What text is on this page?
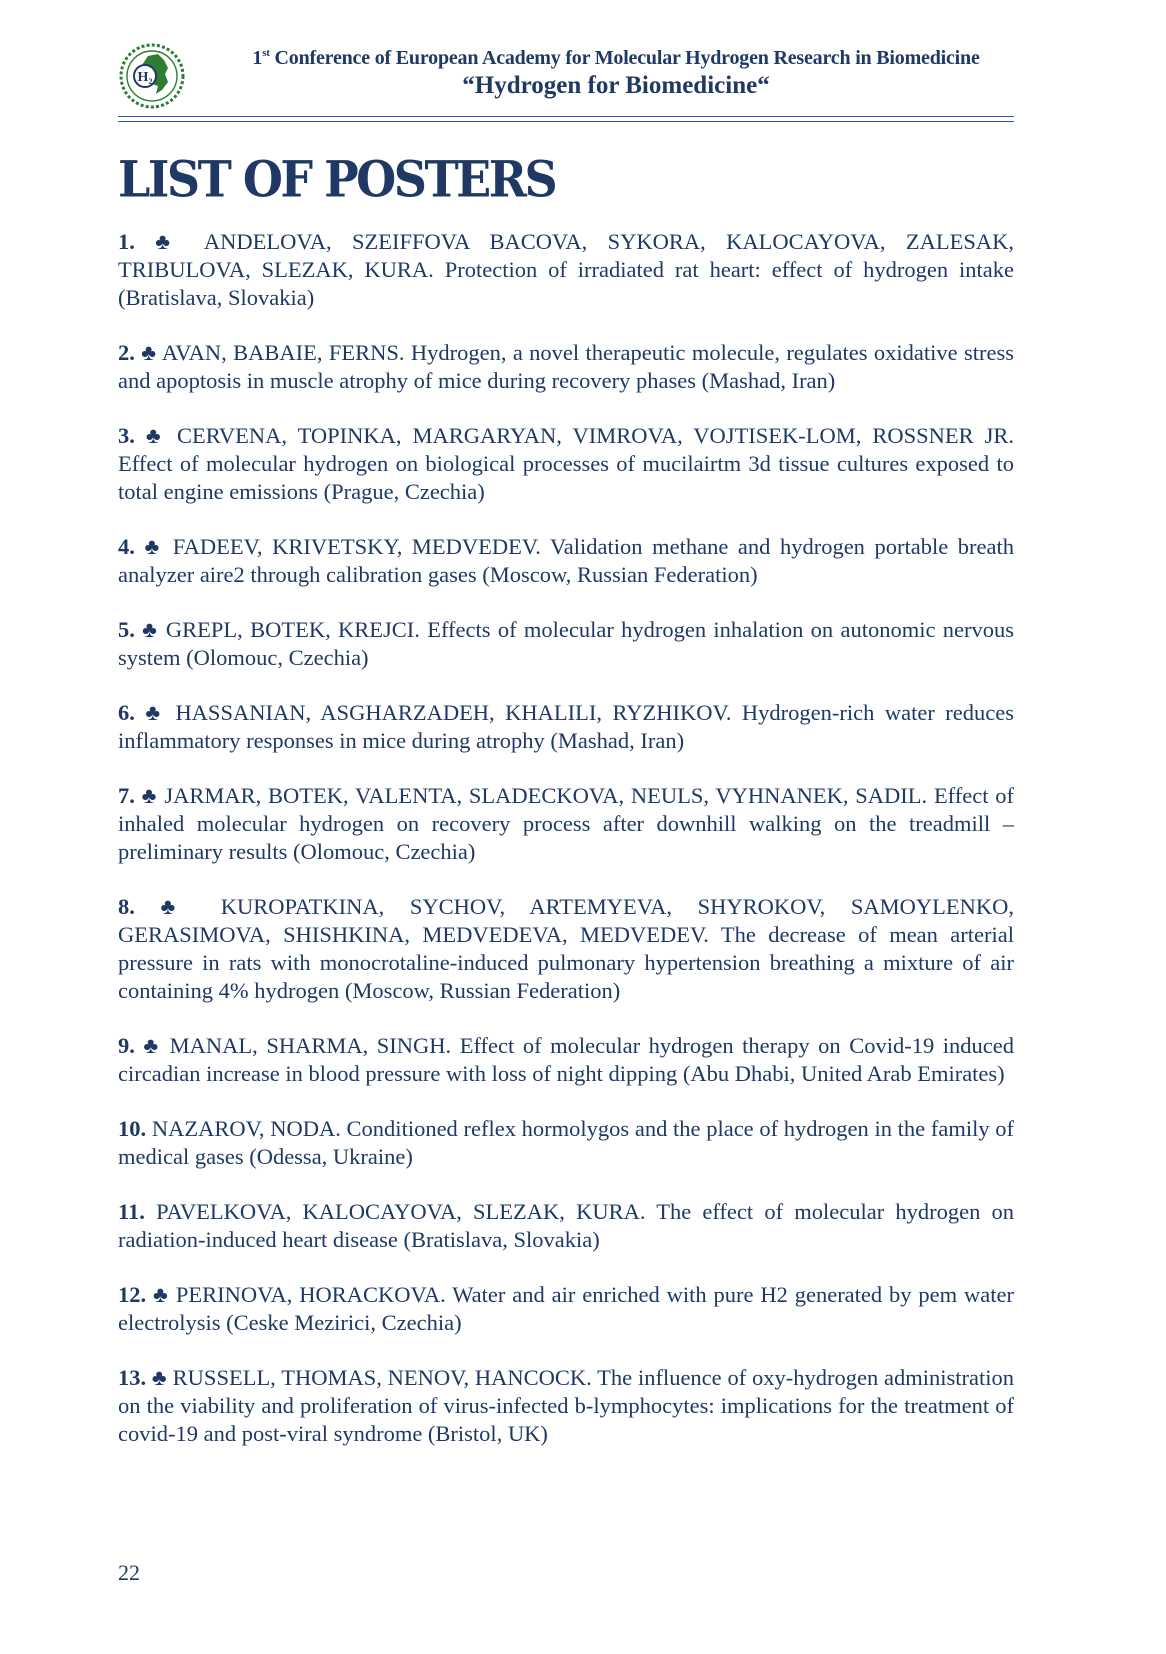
$H_2$
1st Conference of European Academy for Molecular Hydrogen Research in Biomedicine
“Hydrogen for Biomedicine“
LIST OF POSTERS

1. ♣ ANDELOVA, SZEIFFOVA BACOVA, SYKORA, KALOCAYOVA, ZALESAK, TRIBULOVA, SLEZAK, KURA. Protection of irradiated rat heart: effect of hydrogen intake (Bratislava, Slovakia)

2. ♣ AVAN, BABAIE, FERNS. Hydrogen, a novel therapeutic molecule, regulates oxidative stress and apoptosis in muscle atrophy of mice during recovery phases (Mashad, Iran)

3. ♣ CERVENA, TOPINKA, MARGARYAN, VIMROVA, VOJTISEK-LOM, ROSSNER JR. Effect of molecular hydrogen on biological processes of mucilairtm 3d tissue cultures exposed to total engine emissions (Prague, Czechia)

4. ♣ FADEEV, KRIVETSKY, MEDVEDEV. Validation methane and hydrogen portable breath analyzer aire2 through calibration gases (Moscow, Russian Federation)

5. ♣ GREPL, BOTEK, KREJCI. Effects of molecular hydrogen inhalation on autonomic nervous system (Olomouc, Czechia)

6. ♣ HASSANIAN, ASGHARZADEH, KHALILI, RYZHIKOV. Hydrogen-rich water reduces inflammatory responses in mice during atrophy (Mashad, Iran)

7. ♣ JARMAR, BOTEK, VALENTA, SLADECKOVA, NEULS, VYHNANEK, SADIL. Effect of inhaled molecular hydrogen on recovery process after downhill walking on the treadmill – preliminary results (Olomouc, Czechia)

8. ♣ KUROPATKINA, SYCHOV, ARTEMYEVA, SHYROKOV, SAMOYLENKO, GERASIMOVA, SHISHKINA, MEDVEDEVA, MEDVEDEV. The decrease of mean arterial pressure in rats with monocrotaline-induced pulmonary hypertension breathing a mixture of air containing 4% hydrogen (Moscow, Russian Federation)

9. ♣ MANAL, SHARMA, SINGH. Effect of molecular hydrogen therapy on Covid-19 induced circadian increase in blood pressure with loss of night dipping (Abu Dhabi, United Arab Emirates)

10. NAZAROV, NODA. Conditioned reflex hormolygos and the place of hydrogen in the family of medical gases (Odessa, Ukraine)

11. PAVELKOVA, KALOCAYOVA, SLEZAK, KURA. The effect of molecular hydrogen on radiation-induced heart disease (Bratislava, Slovakia)

12. ♣ PERINOVA, HORACKOVA. Water and air enriched with pure H2 generated by pem water electrolysis (Ceske Mezirici, Czechia)

13. ♣ RUSSELL, THOMAS, NENOV, HANCOCK. The influence of oxy-hydrogen administration on the viability and proliferation of virus-infected b-lymphocytes: implications for the treatment of covid-19 and post-viral syndrome (Bristol, UK)

22
